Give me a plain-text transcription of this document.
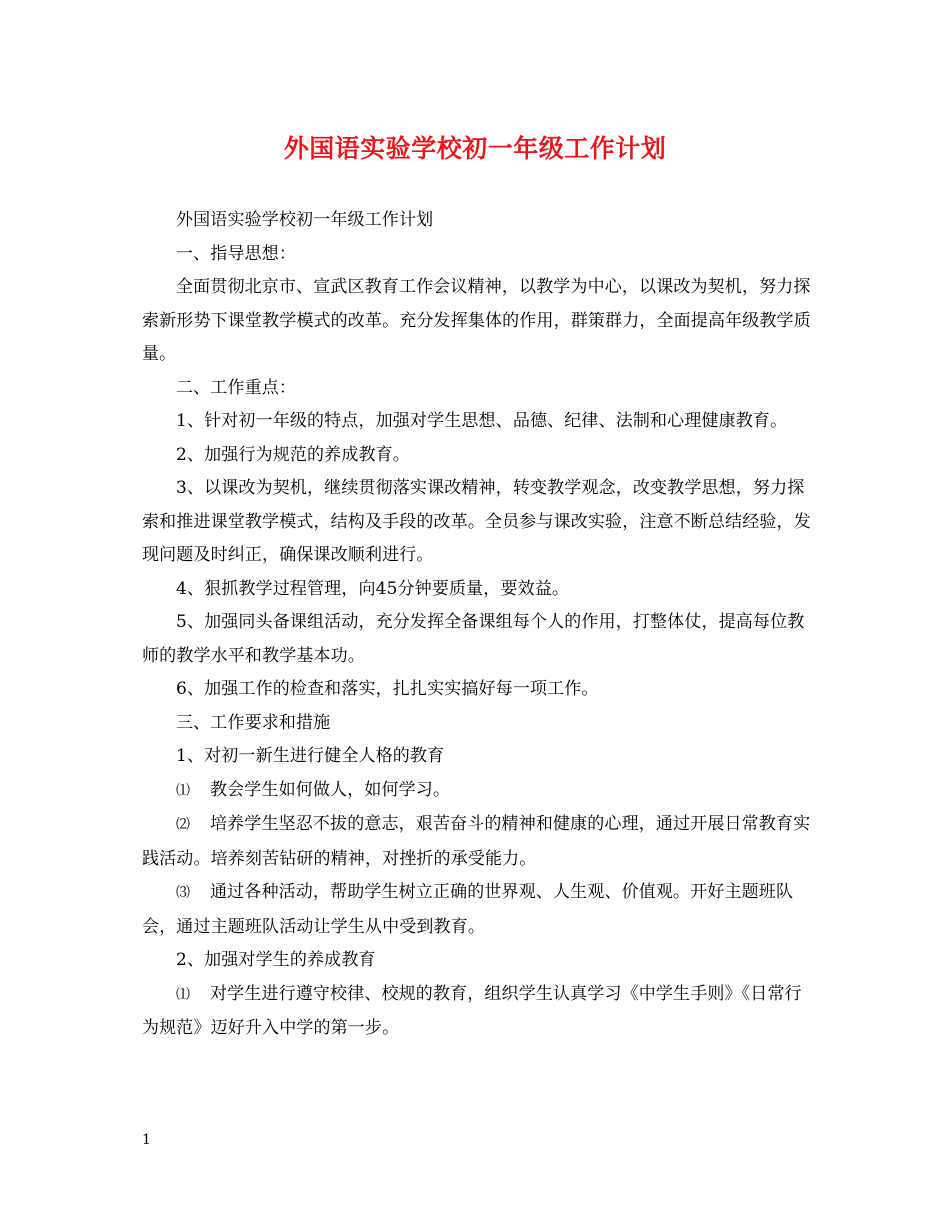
外国语实验学校初一年级工作计划

外国语实验学校初一年级工作计划

一、指导思想：

全面贯彻北京市、宣武区教育工作会议精神，以教学为中心，以课改为契机，努力探索新形势下课堂教学模式的改革。充分发挥集体的作用，群策群力，全面提高年级教学质量。

二、工作重点：

1、针对初一年级的特点，加强对学生思想、品德、纪律、法制和心理健康教育。

2、加强行为规范的养成教育。

3、以课改为契机，继续贯彻落实课改精神，转变教学观念，改变教学思想，努力探索和推进课堂教学模式，结构及手段的改革。全员参与课改实验，注意不断总结经验，发现问题及时纠正，确保课改顺利进行。

4、狠抓教学过程管理，向45分钟要质量，要效益。

5、加强同头备课组活动，充分发挥全备课组每个人的作用，打整体仗，提高每位教师的教学水平和教学基本功。

6、加强工作的检查和落实，扎扎实实搞好每一项工作。

三、工作要求和措施

1、对初一新生进行健全人格的教育

⑴ 教会学生如何做人，如何学习。

⑵ 培养学生坚忍不拔的意志，艰苦奋斗的精神和健康的心理，通过开展日常教育实践活动。培养刻苦钻研的精神，对挫折的承受能力。

⑶ 通过各种活动，帮助学生树立正确的世界观、人生观、价值观。开好主题班队会，通过主题班队活动让学生从中受到教育。

2、加强对学生的养成教育

⑴ 对学生进行遵守校律、校规的教育，组织学生认真学习《中学生手则》《日常行为规范》迈好升入中学的第一步。

1
